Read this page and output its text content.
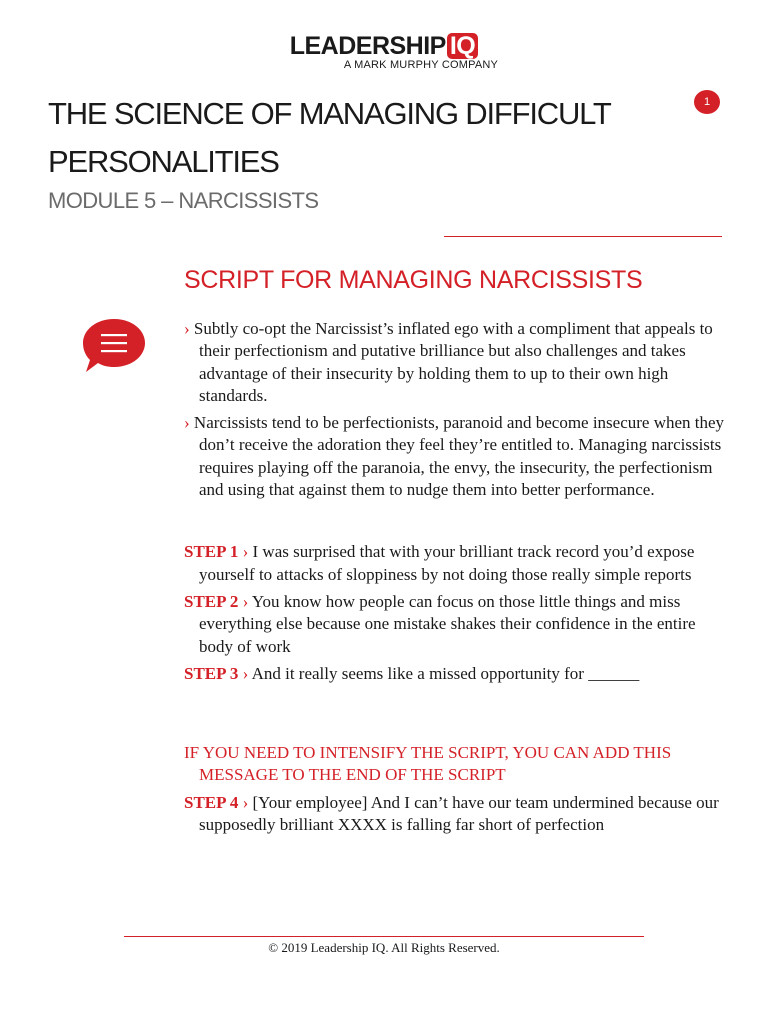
LEADERSHIP IQ
A MARK MURPHY COMPANY
1
THE SCIENCE OF MANAGING DIFFICULT PERSONALITIES
MODULE 5 – NARCISSISTS
SCRIPT FOR MANAGING NARCISSISTS

› Subtly co-opt the Narcissist’s inflated ego with a compliment that appeals to their perfectionism and putative brilliance but also challenges and takes advantage of their insecurity by holding them to up to their own high standards.

› Narcissists tend to be perfectionists, paranoid and become insecure when they don’t receive the adoration they feel they’re entitled to. Managing narcissists requires playing off the paranoia, the envy, the insecurity, the perfectionism and using that against them to nudge them into better performance.

STEP 1 › I was surprised that with your brilliant track record you’d expose yourself to attacks of sloppiness by not doing those really simple reports

STEP 2 › You know how people can focus on those little things and miss everything else because one mistake shakes their confidence in the entire body of work

STEP 3 › And it really seems like a missed opportunity for ______

IF YOU NEED TO INTENSIFY THE SCRIPT, YOU CAN ADD THIS MESSAGE TO THE END OF THE SCRIPT

STEP 4 › [Your employee] And I can’t have our team undermined because our supposedly brilliant XXXX is falling far short of perfection

© 2019 Leadership IQ. All Rights Reserved.
